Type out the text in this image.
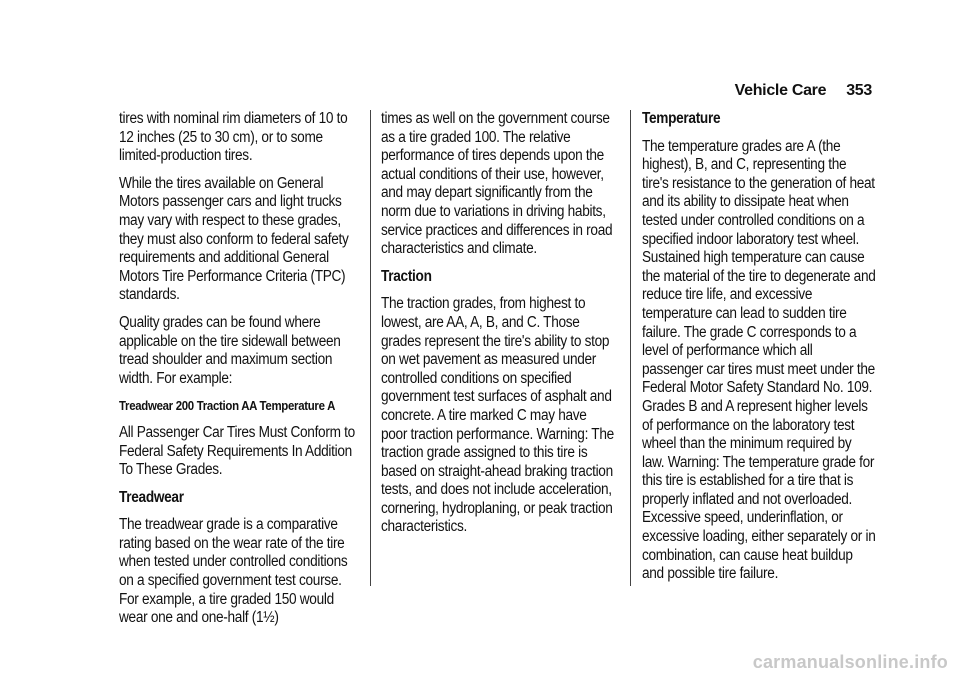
Vehicle Care 353

tires with nominal rim diameters of 10 to 12 inches (25 to 30 cm), or to some limited-production tires.

While the tires available on General Motors passenger cars and light trucks may vary with respect to these grades, they must also conform to federal safety requirements and additional General Motors Tire Performance Criteria (TPC) standards.

Quality grades can be found where applicable on the tire sidewall between tread shoulder and maximum section width. For example:

Treadwear 200 Traction AA Temperature A

All Passenger Car Tires Must Conform to Federal Safety Requirements In Addition To These Grades.

Treadwear

The treadwear grade is a comparative rating based on the wear rate of the tire when tested under controlled conditions on a specified government test course. For example, a tire graded 150 would wear one and one-half (1½)

times as well on the government course as a tire graded 100. The relative performance of tires depends upon the actual conditions of their use, however, and may depart significantly from the norm due to variations in driving habits, service practices and differences in road characteristics and climate.

Traction

The traction grades, from highest to lowest, are AA, A, B, and C. Those grades represent the tire's ability to stop on wet pavement as measured under controlled conditions on specified government test surfaces of asphalt and concrete. A tire marked C may have poor traction performance. Warning: The traction grade assigned to this tire is based on straight-ahead braking traction tests, and does not include acceleration, cornering, hydroplaning, or peak traction characteristics.

Temperature

The temperature grades are A (the highest), B, and C, representing the tire's resistance to the generation of heat and its ability to dissipate heat when tested under controlled conditions on a specified indoor laboratory test wheel. Sustained high temperature can cause the material of the tire to degenerate and reduce tire life, and excessive temperature can lead to sudden tire failure. The grade C corresponds to a level of performance which all passenger car tires must meet under the Federal Motor Safety Standard No. 109. Grades B and A represent higher levels of performance on the laboratory test wheel than the minimum required by law. Warning: The temperature grade for this tire is established for a tire that is properly inflated and not overloaded. Excessive speed, underinflation, or excessive loading, either separately or in combination, can cause heat buildup and possible tire failure.

carmanualsonline.info
